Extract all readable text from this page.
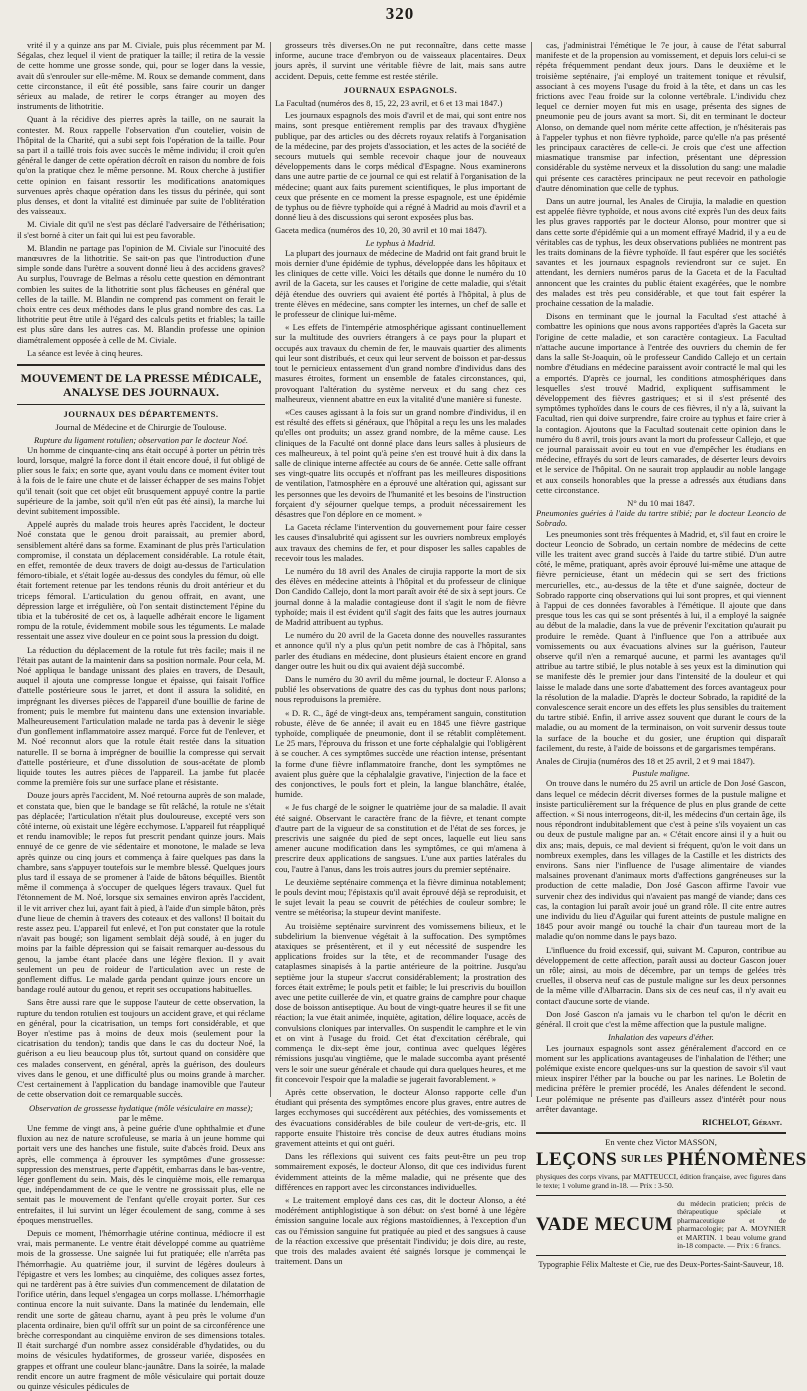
320

vrité il y a quinze ans par M. Civiale, puis plus récemment par M. Ségalas, chez lequel il vient de pratiquer la taille; il retira de la vessie de cette homme une grosse sonde, qui, pour se loger dans la vessie, avait dû s'enrouler sur elle-même. M. Roux se demande comment, dans cette circonstance, il eût été possible, sans faire courir un danger sérieux au malade, de retirer le corps étranger au moyen des instruments de lithotritie.

Quant à la récidive des pierres après la taille, on ne saurait la contester. M. Roux rappelle l'observation d'un coutelier, voisin de l'hôpital de la Charité, qui a subi sept fois l'opération de la taille. Pour sa part il a taillé trois fois avec succès le même individu; il croit qu'en général le danger de cette opération décroît en raison du nombre de fois qu'on la pratique chez le même personne. M. Roux cherche à justifier cette opinion en faisant ressortir les modifications anatomiques survenues après chaque opération dans les tissus du périnée, qui sont plus denses, et dont la vitalité est diminuée par suite de l'oblitération des vaisseaux.

M. Civiale dit qu'il ne s'est pas déclaré l'adversaire de l'éthérisation; il s'est borné à citer un fait qui lui est peu favorable.

M. Blandin ne partage pas l'opinion de M. Civiale sur l'inocuité des manœuvres de la lithotritie. Se sait-on pas que l'introduction d'une simple sonde dans l'urètre a souvent donné lieu à des accidens graves? Au surplus, l'ouvrage de Belmas a résolu cette question en démontrant combien les suites de la lithotritie sont plus fâcheuses en général que celles de la taille. M. Blandin ne comprend pas comment on ferait le choix entre ces deux méthodes dans le plus grand nombre des cas. La lithotritie peut être utile à l'égard des calculs petits et friables; la taille est plus sûre dans les autres cas. M. Blandin professe une opinion diamétralement opposée à celle de M. Civiale.

La séance est levée à cinq heures.

MOUVEMENT DE LA PRESSE MÉDICALE, ANALYSE DES JOURNAUX.
JOURNAUX DES DÉPARTEMENTS.
Journal de Médecine et de Chirurgie de Toulouse.
Rupture du ligament rotulien; observation par le docteur Noé.

Un homme de cinquante-cinq ans était occupé à porter un pétrin très lourd, lorsque, malgré la force dont il était encore doué, il fut obligé de plier sous le faix; en sorte que, ayant voulu dans ce moment éviter tout à la fois de le faire une chute et de laisser échapper de ses mains l'objet qu'il tenait (soit que cet objet eût brusquement appuyé contre la partie supérieure de la jambe, soit qu'il n'en eût pas été ainsi), la marche lui devint subitement impossible.

Appelé auprès du malade trois heures après l'accident, le docteur Noé constata que le genou droit paraissait, au premier abord, sensiblement altéré dans sa forme. Examinant de plus près l'articulation compromise, il constata un déplacement considérable. La rotule était, en effet, remontée de deux travers de doigt au-dessus de l'articulation fémoro-tibiale, et s'était logée au-dessus des condyles du fémur, où elle était fortement retenue par les tendons réunis du droit antérieur et du triceps fémoral. L'articulation du genou offrait, en avant, une dépression large et irrégulière, où l'on sentait distinctement l'épine du tibia et la tubérosité de cet os, à laquelle adhérait encore le ligament rompu de la rotule, évidemment mobile sous les téguments. Le malade ressentait une assez vive douleur en ce point sous la pression du doigt.

La réduction du déplacement de la rotule fut très facile; mais il ne l'était pas autant de la maintenir dans sa position normale. Pour cela, M. Noé appliqua le bandage unissant des plaies en travers, de Desault, auquel il ajouta une compresse longue et épaisse, qui faisait l'office d'attelle postérieure sous le jarret, et dont il assura la solidité, en imprégnant les diverses pièces de l'appareil d'une bouillie de farine de froment; puis le membre fut maintenu dans une extension invariable. Malheureusement l'articulation malade ne tarda pas à devenir le siège d'un gonflement inflammatoire assez marqué. Force fut de l'enlever, et M. Noé reconnut alors que la rotule était restée dans la situation naturelle. Il se borna à imprégner de bouillie la compresse qui servait d'attelle postérieure, et d'une dissolution de sous-acétate de plomb liquide toutes les autres pièces de l'appareil. La jambe fut placée comme la première fois sur une surface plane et résistante.

Douze jours après l'accident, M. Noé retourna auprès de son malade, et constata que, bien que le bandage se fût relâché, la rotule ne s'était pas déplacée; l'articulation n'était plus douloureuse, excepté vers son côté interne, où existait une légère ecchymose. L'appareil fut réappliqué et rendu inamovible; le repos fut prescrit pendant quinze jours. Mais ennuyé de ce genre de vie sédentaire et monotone, le malade se leva après quinze ou cinq jours et commença à faire quelques pas dans la chambre, sans s'appuyer toutefois sur le membre blessé. Quelques jours plus tard il essaya de se promener à l'aide de bâtons béquilles. Bientôt même il commença à s'occuper de quelques légers travaux. Quel fut l'étonnement de M. Noé, lorsque six semaines environ après l'accident, il le vit arriver chez lui, ayant fait à pied, à l'aide d'un simple bâton, près d'une lieue de chemin à travers des coteaux et des vallons! Il boitait du reste assez peu. L'appareil fut enlevé, et l'on put constater que la rotule n'avait pas bougé; son ligament semblait déjà soudé, à en juger du moins par la faible dépression qui se faisait remarquer au-dessous du genou, la jambe étant placée dans une légère flexion. Il y avait seulement un peu de roideur de l'articulation avec un reste de gonflement diffus. Le malade garda pendant quinze jours encore un bandage roulé autour du genou, et reprit ses occupations habituelles.

Sans être aussi rare que le suppose l'auteur de cette observation, la rupture du tendon rotulien est toujours un accident grave, et qui réclame en général, pour la cicatrisation, un temps fort considérable, et que Boyer n'estime pas à moins de deux mois (seulement pour la cicatrisation du tendon); tandis que dans le cas du docteur Noé, la guérison a eu lieu beaucoup plus tôt, surtout quand on considère que ces malades conservent, en général, après la guérison, des douleurs vives dans le genou, et une difficulté plus ou moins grande à marcher. C'est certainement à l'application du bandage inamovible que l'auteur de cette observation doit ce remarquable succès.

Observation de grossesse hydatique (môle vésiculaire en masse);
par le même.

Une femme de vingt ans, à peine guérie d'une ophthalmie et d'une fluxion au nez de nature scrofuleuse, se maria à un jeune homme qui portait vers une des hanches une fistule, suite d'abcès froid. Deux ans après, elle commença à éprouver les symptômes d'une grossesse: suppression des menstrues, perte d'appétit, embarras dans le bas-ventre, léger gonflement du sein. Mais, dès le cinquième mois, elle remarqua que, indépendamment de ce que le ventre ne grossissait plus, elle ne sentait pas le mouvement de l'enfant qu'elle croyait porter. Sur ces entrefaites, il lui survint un léger écoulement de sang, comme à ses époques menstruelles.

Depuis ce moment, l'hémorrhagie utérine continua, médiocre il est vrai, mais permanente. Le ventre était développé comme au quatrième mois de la grossesse. Une saignée lui fut pratiquée; elle n'arrêta pas l'hémorrhagie. Au quatrième jour, il survint de légères douleurs à l'épigastre et vers les lombes; au cinquième, des coliques assez fortes, qui ne tardèrent pas à être suivies d'un commencement de dilatation de l'orifice utérin, dans lequel s'engagea un corps mollasse. L'hémorrhagie continua encore la nuit suivante. Dans la matinée du lendemain, elle rendit une sorte de gâteau charnu, ayant à peu près le volume d'un placenta ordinaire, bien qu'il offrît sur un point de sa circonférence une brèche correspondant au cinquième environ de ses dimensions totales. Il était surchargé d'un nombre assez considérable d'hydatides, ou du moins de vésicules hydatiformes, de grosseur variée, disposées en grappes et offrant une couleur blanc-jaunâtre. Dans la soirée, la malade rendit encore un autre fragment de môle vésiculaire qui portait douze ou quinze vésicules pédicules de

grosseurs très diverses.On ne put reconnaître, dans cette masse informe, aucune trace d'embryon ou de vaisseaux placentaires. Deux jours après, il survint une véritable fièvre de lait, mais sans autre accident. Depuis, cette femme est restée stérile.

JOURNAUX ESPAGNOLS.
La Facultad (numéros des 8, 15, 22, 23 avril, et 6 et 13 mai 1847.)

Les journaux espagnols des mois d'avril et de mai, qui sont entre nos mains, sont presque entièrement remplis par des travaux d'hygiène publique, par des articles ou des décrets royaux relatifs à l'organisation de la médecine, par des projets d'association, et les actes de la société de secours mutuels qui semble recevoir chaque jour de nouveaux développements dans le corps médical d'Espagne. Nous examinerons dans une autre partie de ce journal ce qui est relatif à l'organisation de la médecine; quant aux faits purement scientifiques, le plus important de ceux que présente en ce moment la presse espagnole, est une épidémie de typhus ou de fièvre typhoïde qui a régné à Madrid au mois d'avril et a donné lieu à des discussions qui seront exposées plus bas.

Gaceta medica (numéros des 10, 20, 30 avril et 10 mai 1847).
Le typhus à Madrid.

La plupart des journaux de médecine de Madrid ont fait grand bruit le mois dernier d'une épidémie de typhus, développée dans les hôpitaux et les cliniques de cette ville. Voici les détails que donne le numéro du 10 avril de la Gaceta, sur les causes et l'origine de cette maladie, qui s'était déjà étendue des ouvriers qui avaient été portés à l'hôpital, à plus de trente élèves en médecine, sans compter les internes, un chef de salle et le professeur de clinique lui-même.

« Les effets de l'intempérie atmosphérique agissant continuellement sur la multitude des ouvriers étrangers à ce pays pour la plupart et occupés aux travaux du chemin de fer, le mauvais quartier des aliments qui leur sont distribués, et ceux qui leur servent de boisson et par-dessus tout le pernicieux entassement d'un grand nombre d'individus dans des masures étroites, forment un ensemble de fatales circonstances, qui, provoquant l'altération du système nerveux et du sang chez ces malheureux, viennent abattre en eux la vitalité d'une manière si funeste.

«Ces causes agissant à la fois sur un grand nombre d'individus, il en est résulté des effets si généraux, que l'hôpital a reçu les uns les malades qu'elles ont produits; un assez grand nombre, de la même cause. Les cliniques de la Faculté ont donné place dans leurs salles à plusieurs de ces malheureux, à tel point qu'à peine s'en est trouvé huit à dix dans la salle de clinique interne affectée au cours de 6e année. Cette salle offrant ses vingt-quatre lits occupés et n'offrant pas les meilleures dispositions de ventilation, l'atmosphère en a éprouvé une altération qui, agissant sur les personnes que les devoirs de l'humanité et les besoins de l'instruction forçaient d'y séjourner quelque temps, a produit nécessairement les désastres que l'on déplore en ce moment. »

La Gaceta réclame l'intervention du gouvernement pour faire cesser les causes d'insalubrité qui agissent sur les ouvriers nombreux employés aux travaux des chemins de fer, et pour disposer les salles capables de recevoir tous les malades.

Le numéro du 18 avril des Anales de cirujia rapporte la mort de six des élèves en médecine atteints à l'hôpital et du professeur de clinique Don Candido Callejo, dont la mort paraît avoir été de six à sept jours. Ce journal donne à la maladie contagieuse dont il s'agit le nom de fièvre typhoïde; mais il est évident qu'il s'agit des faits que les autres journaux de Madrid attribuent au typhus.

Le numéro du 20 avril de la Gaceta donne des nouvelles rassurantes et annonce qu'il n'y a plus qu'un petit nombre de cas à l'hôpital, sans parler des étudians en médecine, dont plusieurs étaient encore en grand danger outre les huit ou dix qui avaient déjà succombé.

Dans le numéro du 30 avril du même journal, le docteur F. Alonso a publié les observations de quatre des cas du typhus dont nous parlons; nous reproduisons la première.

« D. R. C., âgé de vingt-deux ans, tempérament sanguin, constitution robuste, élève de 6e année; il avait eu en 1845 une fièvre gastrique typhoïde, compliquée de pneumonie, dont il se rétablit complètement. Le 25 mars, l'éprouva du frisson et une forte céphalalgie qui l'obligèrent à se coucher. A ces symptômes succède une réaction intense, présentant la forme d'une fièvre inflammatoire franche, dont les symptômes ne avaient plus guère que la céphalalgie gravative, l'injection de la face et des conjonctives, le pouls fort et plein, la langue blanchâtre, étalée, humide.

« Je fus chargé de le soigner le quatrième jour de sa maladie. Il avait été saigné. Observant le caractère franc de la fièvre, et tenant compte d'autre part de la vigueur de sa constitution et de l'état de ses forces, je prescrivis une saignée du pied de sept onces, laquelle eut lieu sans amener aucune modification dans les symptômes, ce qui m'amena à prescrire deux applications de sangsues. L'une aux parties latérales du cou, l'autre à l'anus, dans les trois autres jours du premier septénaire.

Le deuxième septénaire commença et la fièvre diminua notablement; le pouls devint mou; l'épistaxis qu'il avait éprouvé déjà se reproduisit, et le sujet levait la peau se couvrit de pétéchies de couleur sombre; le ventre se météorisa; la stupeur devint manifeste.

Au troisième septénaire survinrent des vomissemens bilieux, et le subdelirium la bienvenue végétait à la suffocation. Des symptômes ataxiques se présentèrent, et il y eut nécessité de suspendre les applications froides sur la tête, et de recommander l'usage des cataplasmes sinapisés à la partie antérieure de la poitrine. Jusqu'au septième jour la stupeur s'accrut considérablement; la prostration des forces était extrême; le pouls petit et faible; le lui prescrivis du bouillon avec une petite cuillerée de vin, et quatre grains de camphre pour chaque dose de boisson antiseptique. Au bout de vingt-quatre heures il se fit une réaction; la vue était animée, inquiète, agitation, délire loquace, accès de convulsions cloniques par intervalles. On suspendit le camphre et le vin et on vint à l'usage du froid. Cet état d'excitation cérébrale, qui commença le dix-sept ème jour, continua avec quelques légères rémissions jusqu'au vingtième, que le malade succomba ayant présenté vers le soir une sueur générale et chaude qui dura quelques heures, et me fit concevoir l'espoir que la maladie se jugerait favorablement. »

Après cette observation, le docteur Alonso rapporte celle d'un étudiant qui présenta des symptômes encore plus graves, entre autres de larges ecchymoses qui succédèrent aux pétéchies, des vomissements et des évacuations considérables de bile couleur de vert-de-gris, etc. Il rapporte ensuite l'histoire très concise de deux autres étudians moins gravement atteints et qui ont guéri.

Dans les réflexions qui suivent ces faits peut-être un peu trop sommairement exposés, le docteur Alonso, dit que ces individus furent évidemment atteints de la même maladie, qui ne présente que des différences en rapport avec les circonstances individuelles.

« Le traitement employé dans ces cas, dit le docteur Alonso, a été modérément antiphlogistique à son début: on s'est borné à une légère émission sanguine locale aux régions mastoïdiennes, à l'exception d'un cas ou l'émission sanguine fut pratiquée au pied et des sangsues à cause de la réaction excessive que présentait l'individu; je dois dire, au reste, que trois des malades avaient été saignés lorsque je commençai le traitement. Dans un

cas, j'administrai l'émétique le 7e jour, à cause de l'état saburral manifeste et de la propension au vomissement, et depuis lors celui-ci se répéta fréquemment pendant deux jours. Dans le deuxième et le troisième septénaire, j'ai employé un traitement tonique et révulsif, associant à ces moyens l'usage du froid à la tête, et dans un cas les frictions avec l'eau froide sur la colonne vertébrale. L'individu chez lequel ce dernier moyen fut mis en usage, présenta des signes de pneumonie peu de jours avant sa mort. Si, dit en terminant le docteur Alonso, on demande quel nom mérite cette affection, je n'hésiterais pas à l'appeler typhus et non fièvre typhoïde, parce qu'elle n'a pas présenté les principaux caractères de celle-ci. Je crois que c'est une affection miasmatique transmise par infection, présentant une dépression considérable du système nerveux et la dissolution du sang: une maladie qui présente ces caractères principaux ne peut recevoir en pathologie d'autre dénomination que celle de typhus.

Dans un autre journal, les Anales de Cirujia, la maladie en question est appelée fièvre typhoïde, et nous avons cité exprès l'un des deux faits les plus graves rapportés par le docteur Alonso, pour montrer que si dans cette sorte d'épidémie qui a un moment effrayé Madrid, il y a eu de véritables cas de typhus, les deux observations publiées ne montrent pas les traits dominans de la fièvre typhoïde. Il faut espérer que les sociétés savantes et les journaux espagnols reviendront sur ce sujet. En attendant, les derniers numéros parus de la Gaceta et de la Facultad annoncent que les craintes du public étaient exagérées, que le nombre des malades est très peu considérable, et que tout fait espérer la prochaine cessation de la maladie.

Disons en terminant que le journal la Facultad s'est attaché à combattre les opinions que nous avons rapportées d'après la Gaceta sur l'origine de cette maladie, et son caractère contagieux. La Facultad n'attache aucune importance à l'entrée des ouvriers du chemin de fer dans la salle St-Joaquin, où le professeur Candido Callejo et un certain nombre d'étudians en médecine paraissent avoir contracté le mal qui les a emportés. D'après ce journal, les conditions atmosphériques dans lesquelles s'est trouvé Madrid, expliquent suffisamment le développement des fièvres gastriques; et si il s'est présenté des symptômes typhoïdes dans le cours de ces fièvres, il n'y a là, suivant la Facultad, rien qui doive surprendre, faire croire au typhus et faire crier à la contagion. Ajoutons que la Facultad soutenait cette opinion dans le numéro du 8 avril, trois jours avant la mort du professeur Callejo, et que ce journal paraissait avoir eu tout en vue d'empêcher les étudians en médecine, effrayés du sort de leurs camarades, de déserter leurs devoirs et le service de l'hôpital. On ne saurait trop applaudir au noble langage et aux conseils honorables que la presse a adressés aux étudians dans cette circonstance.

N° du 10 mai 1847.
Pneumonies guéries à l'aide du tartre stibié; par le docteur Leoncio de Sobrado.

Les pneumonies sont très fréquentes à Madrid, et, s'il faut en croire le docteur Leoncio de Sobrado, un certain nombre de médecins de cette ville les traitent avec grand succès à l'aide du tartre stibié. D'un autre côté, le même, pratiquant, après avoir éprouvé lui-même une attaque de fièvre pernicieuse, étant un médecin qui se sert des frictions mercurielles, etc., au-dessus de la tête et d'une saignée, docteur de Sobrado rapporte cinq observations qui lui sont propres, et qui viennent à l'appui de ces données favorables à l'émétique. Il ajoute que dans presque tous les cas qui se sont présentés à lui, il a employé la saignée au début de la maladie, dans la vue de prévenir l'excitation qu'aurait pu produire le remède. Quant à l'influence que l'on a attribuée aux vomissements ou aux évacuations alvines sur la guérison, l'auteur observe qu'il n'en a remarqué aucune, et parmi les avantages qu'il attribue au tartre stibié, le plus notable à ses yeux est la diminution qui se manifeste dès le premier jour dans l'intensité de la douleur et qui laisse le malade dans une sorte d'abattement des forces avantageux pour la résolution de la maladie. D'après le docteur Sobrado, la rapidité de la convalescence serait encore un des effets les plus sensibles du traitement du tartre stibié. Enfin, il arrive assez souvent que durant le cours de la maladie, ou au moment de la terminaison, on voit survenir dessus toute la surface de la bouche et du gosier, une éruption qui disparaît facilement, du reste, à l'aide de boissons et de gargarismes tempérans.

Anales de Cirujia (numéros des 18 et 25 avril, 2 et 9 mai 1847).
Pustule maligne.

On trouve dans le numéro du 25 avril un article de Don José Gascon, dans lequel ce médecin décrit diverses formes de la pustule maligne et insiste particulièrement sur la fréquence de plus en plus grande de cette affection. « Si nous interrogeons, dit-il, les médecins d'un certain âge, ils nous répondront indubitablement que c'est à peine s'ils voyaient un cas ou deux de pustule maligne par an. « C'était encore ainsi il y a huit ou dix ans; mais, depuis, ce mal devient si fréquent, qu'on le voit dans un nombreux exemples, dans les villages de la Castille et les districts des environs. Sans nier l'influence de l'usage alimentaire de viandes malsaines provenant d'animaux morts d'affections gangréneuses sur la production de cette maladie, Don José Gascon affirme l'avoir vue survenir chez des individus qui n'avaient pas mangé de viande; dans ces cas, la contagion lui paraît avoir joué un grand rôle. Il cite entre autres une individu du lieu d'Aguilar qui furent atteints de pustule maligne en 1845 pour avoir mangé ou touché la chair d'un taureau mort de la maladie qu'on nomme dans le pays bazo.

L'influence du froid excessif, qui, suivant M. Capuron, contribue au développement de cette affection, paraît aussi au docteur Gascon jouer un rôle; ainsi, au mois de décembre, par un temps de gelées très cruelles, il observa neuf cas de pustule maligne sur les deux personnes de la même ville d'Albarracin. Dans six de ces neuf cas, il n'y avait eu contact d'aucune sorte de viande.

Don José Gascon n'a jamais vu le charbon tel qu'on le décrit en général. Il croit que c'est la même affection que la pustule maligne.

Inhalation des vapeurs d'éther.

Les journaux espagnols sont assez généralement d'accord en ce moment sur les applications avantageuses de l'inhalation de l'éther; une polémique existe encore quelques-uns sur la question de savoir s'il vaut mieux inspirer l'éther par la bouche ou par les narines. Le Boletin de medicina préfère le premier procédé, les Anales défendent le second. Leur polémique ne présente pas d'ailleurs assez d'intérêt pour nous arrêter davantage.

RICHELOT, Gérant.
En vente chez Victor MASSON,
LEÇONS SUR LES PHÉNOMÈNES
physiques des corps vivans, par MATTEUCCI, édition française, avec figures dans le texte; 1 volume grand in-18. — Prix : 3-50.
VADE MECUM
du médecin praticien; précis de thérapeutique spéciale et pharmaceutique et de pharmacologie; par A. MOYNIER et MARTIN. 1 beau volume grand in-18 compacte. — Prix : 6 francs.
Typographie Félix Malteste et Cie, rue des Deux-Portes-Saint-Sauveur, 18.
